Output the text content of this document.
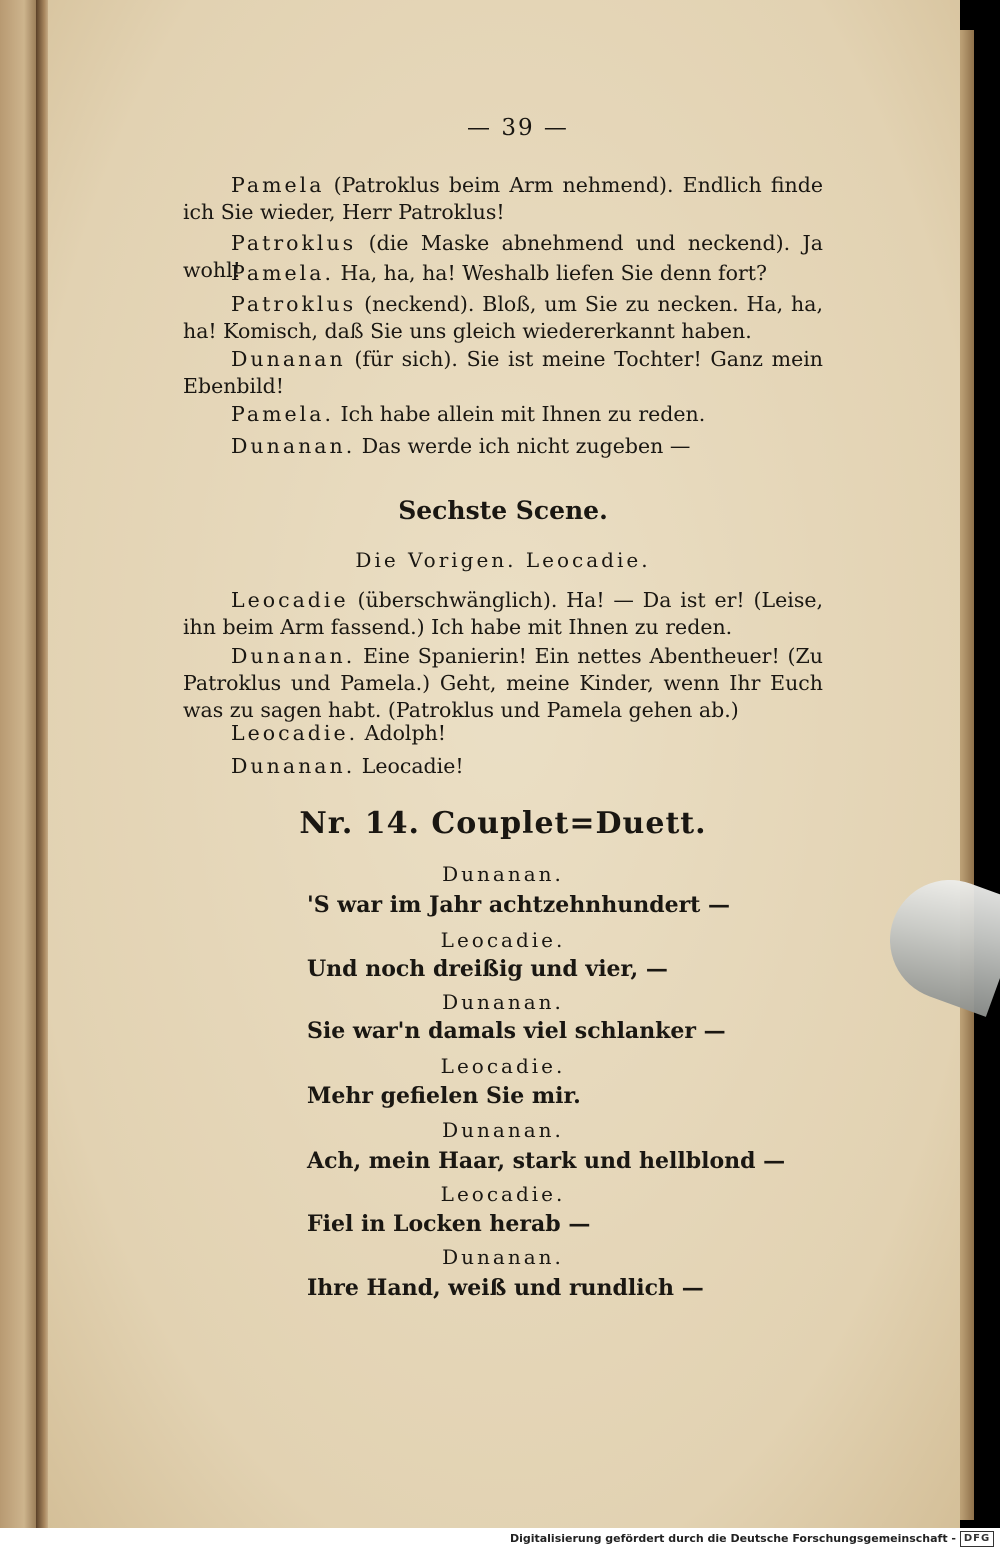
— 39 —
Pamela (Patroklus beim Arm nehmend). Endlich finde ich Sie wieder, Herr Patroklus!
Patroklus (die Maske abnehmend und neckend). Ja wohl!
Pamela. Ha, ha, ha! Weshalb liefen Sie denn fort?
Patroklus (neckend). Bloß, um Sie zu necken. Ha, ha, ha! Komisch, daß Sie uns gleich wiedererkannt haben.
Dunanan (für sich). Sie ist meine Tochter! Ganz mein Ebenbild!
Pamela. Ich habe allein mit Ihnen zu reden.
Dunanan. Das werde ich nicht zugeben —
Sechste Scene.
Die Vorigen. Leocadie.
Leocadie (überschwänglich). Ha! — Da ist er! (Leise, ihn beim Arm fassend.) Ich habe mit Ihnen zu reden.
Dunanan. Eine Spanierin! Ein nettes Abentheuer! (Zu Patroklus und Pamela.) Geht, meine Kinder, wenn Ihr Euch was zu sagen habt. (Patroklus und Pamela gehen ab.)
Leocadie. Adolph!
Dunanan. Leocadie!
Nr. 14. Couplet=Duett.
Dunanan.
'S war im Jahr achtzehnhundert —
Leocadie.
Und noch dreißig und vier, —
Dunanan.
Sie war'n damals viel schlanker —
Leocadie.
Mehr gefielen Sie mir.
Dunanan.
Ach, mein Haar, stark und hellblond —
Leocadie.
Fiel in Locken herab —
Dunanan.
Ihre Hand, weiß und rundlich —
Digitalisierung gefördert durch die Deutsche Forschungsgemeinschaft - DFG
